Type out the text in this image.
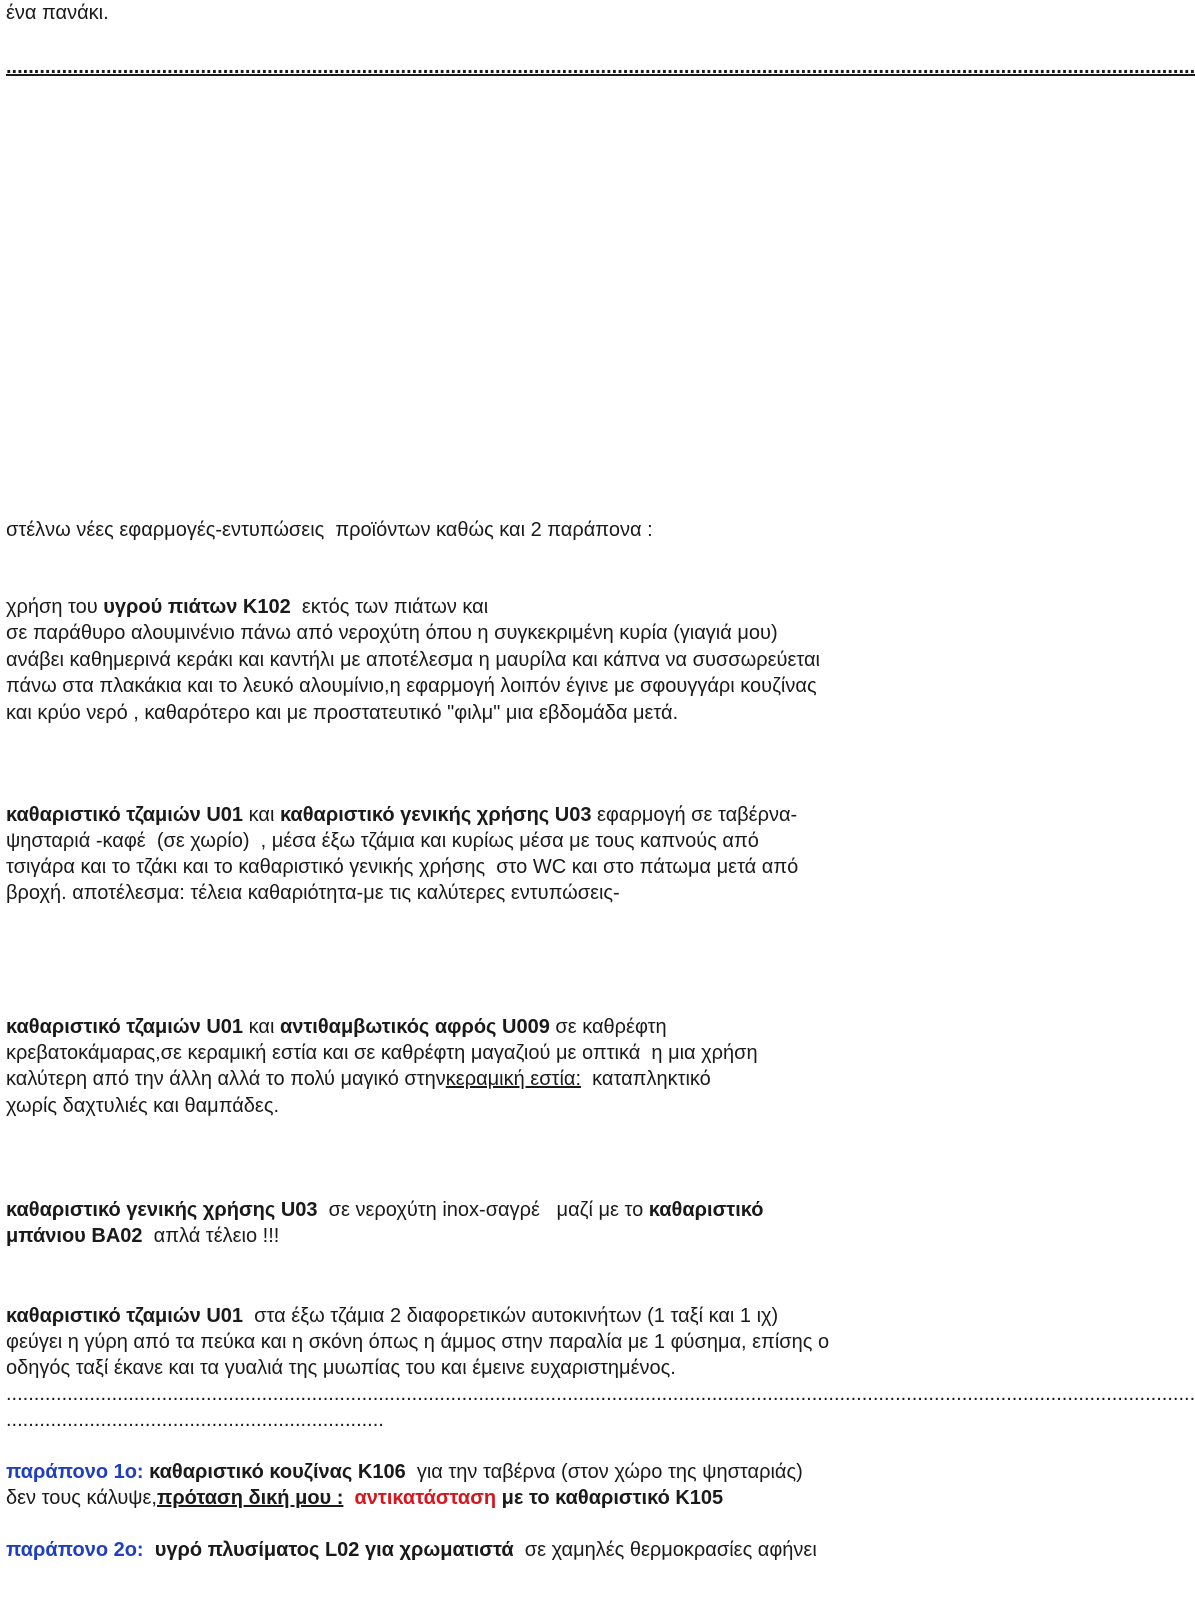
ένα πανάκι.
......................................................................................................................................................................................................................
στέλνω νέες εφαρμογές-εντυπώσεις  προϊόντων καθώς και 2 παράπονα :
χρήση του υγρού πιάτων K102  εκτός των πιάτων και
σε παράθυρο αλουμινένιο πάνω από νεροχύτη όπου η συγκεκριμένη κυρία (γιαγιά μου)
ανάβει καθημερινά κεράκι και καντήλι με αποτέλεσμα η μαυρίλα και κάπνα να συσσωρεύεται
πάνω στα πλακάκια και το λευκό αλουμίνιο,η εφαρμογή λοιπόν έγινε με σφουγγάρι κουζίνας
και κρύο νερό , καθαρότερο και με προστατευτικό "φιλμ" μια εβδομάδα μετά.
καθαριστικό τζαμιών U01 και καθαριστικό γενικής χρήσης U03 εφαρμογή σε ταβέρνα-
ψησταριά -καφέ  (σε χωρίο)  , μέσα έξω τζάμια και κυρίως μέσα με τους καπνούς από
τσιγάρα και το τζάκι και το καθαριστικό γενικής χρήσης  στο WC και στο πάτωμα μετά από
βροχή. αποτέλεσμα: τέλεια καθαριότητα-με τις καλύτερες εντυπώσεις-
καθαριστικό τζαμιών U01 και αντιθαμβωτικός αφρός U009 σε καθρέφτη
κρεβατοκάμαρας,σε κεραμική εστία και σε καθρέφτη μαγαζιού με οπτικά  η μια χρήση
καλύτερη από την άλλη αλλά το πολύ μαγικό στηνκεραμική εστία:  καταπληκτικό
χωρίς δαχτυλιές και θαμπάδες.
καθαριστικό γενικής χρήσης U03  σε νεροχύτη inox-σαγρέ   μαζί με το καθαριστικό
μπάνιου BA02  απλά τέλειο !!!
καθαριστικό τζαμιών U01  στα έξω τζάμια 2 διαφορετικών αυτοκινήτων (1 ταξί και 1 ιχ)
φεύγει η γύρη από τα πεύκα και η σκόνη όπως η άμμος στην παραλία με 1 φύσημα, επίσης ο
οδηγός ταξί έκανε και τα γυαλιά της μυωπίας του και έμεινε ευχαριστημένος.
......................................................................................................................................................................................................................
....................................................................
παράπονο 1ο: καθαριστικό κουζίνας K106  για την ταβέρνα (στον χώρο της ψησταριάς)
δεν τους κάλυψε,πρόταση δική μου : αντικατάσταση με το καθαριστικό K105
παράπονο 2ο:  υγρό πλυσίματος L02 για χρωματιστά  σε χαμηλές θερμοκρασίες αφήνει
